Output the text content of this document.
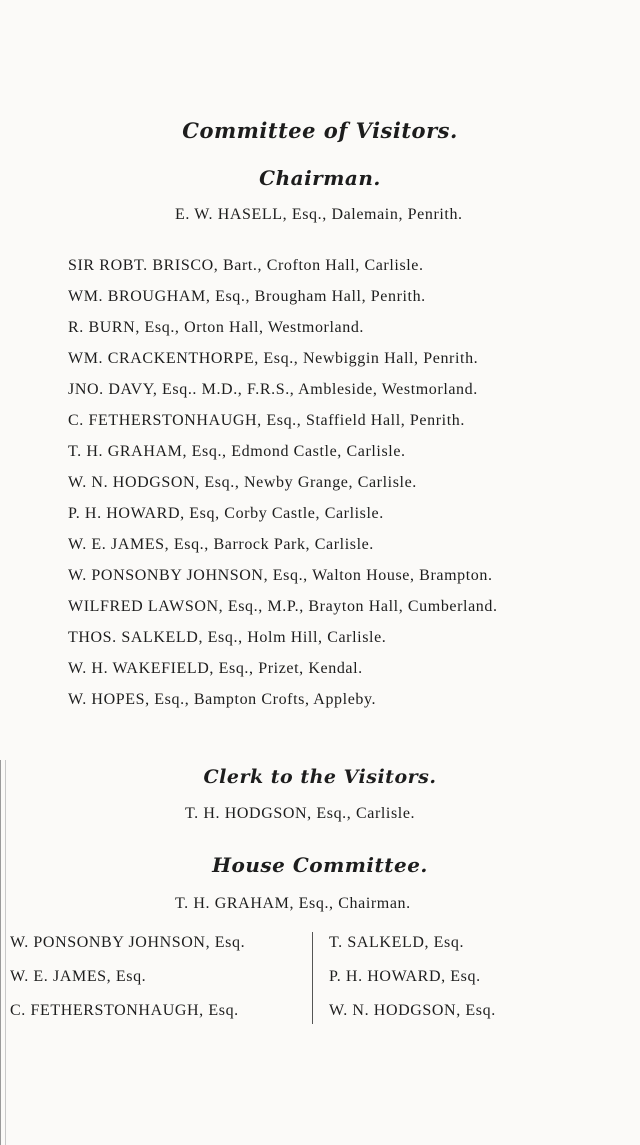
Committee of Visitors.
Chairman.
E. W. HASELL, Esq., Dalemain, Penrith.
SIR ROBT. BRISCO, Bart., Crofton Hall, Carlisle.
WM. BROUGHAM, Esq., Brougham Hall, Penrith.
R. BURN, Esq., Orton Hall, Westmorland.
WM. CRACKENTHORPE, Esq., Newbiggin Hall, Penrith.
JNO. DAVY, Esq.. M.D., F.R.S., Ambleside, Westmorland.
C. FETHERSTONHAUGH, Esq., Staffield Hall, Penrith.
T. H. GRAHAM, Esq., Edmond Castle, Carlisle.
W. N. HODGSON, Esq., Newby Grange, Carlisle.
P. H. HOWARD, Esq, Corby Castle, Carlisle.
W. E. JAMES, Esq., Barrock Park, Carlisle.
W. PONSONBY JOHNSON, Esq., Walton House, Brampton.
WILFRED LAWSON, Esq., M.P., Brayton Hall, Cumberland.
THOS. SALKELD, Esq., Holm Hill, Carlisle.
W. H. WAKEFIELD, Esq., Prizet, Kendal.
W. HOPES, Esq., Bampton Crofts, Appleby.
Clerk to the Visitors.
T. H. HODGSON, Esq., Carlisle.
House Committee.
T. H. GRAHAM, Esq., Chairman.
W. PONSONBY JOHNSON, Esq.
W. E. JAMES, Esq.
C. FETHERSTONHAUGH, Esq.
T. SALKELD, Esq.
P. H. HOWARD, Esq.
W. N. HODGSON, Esq.
